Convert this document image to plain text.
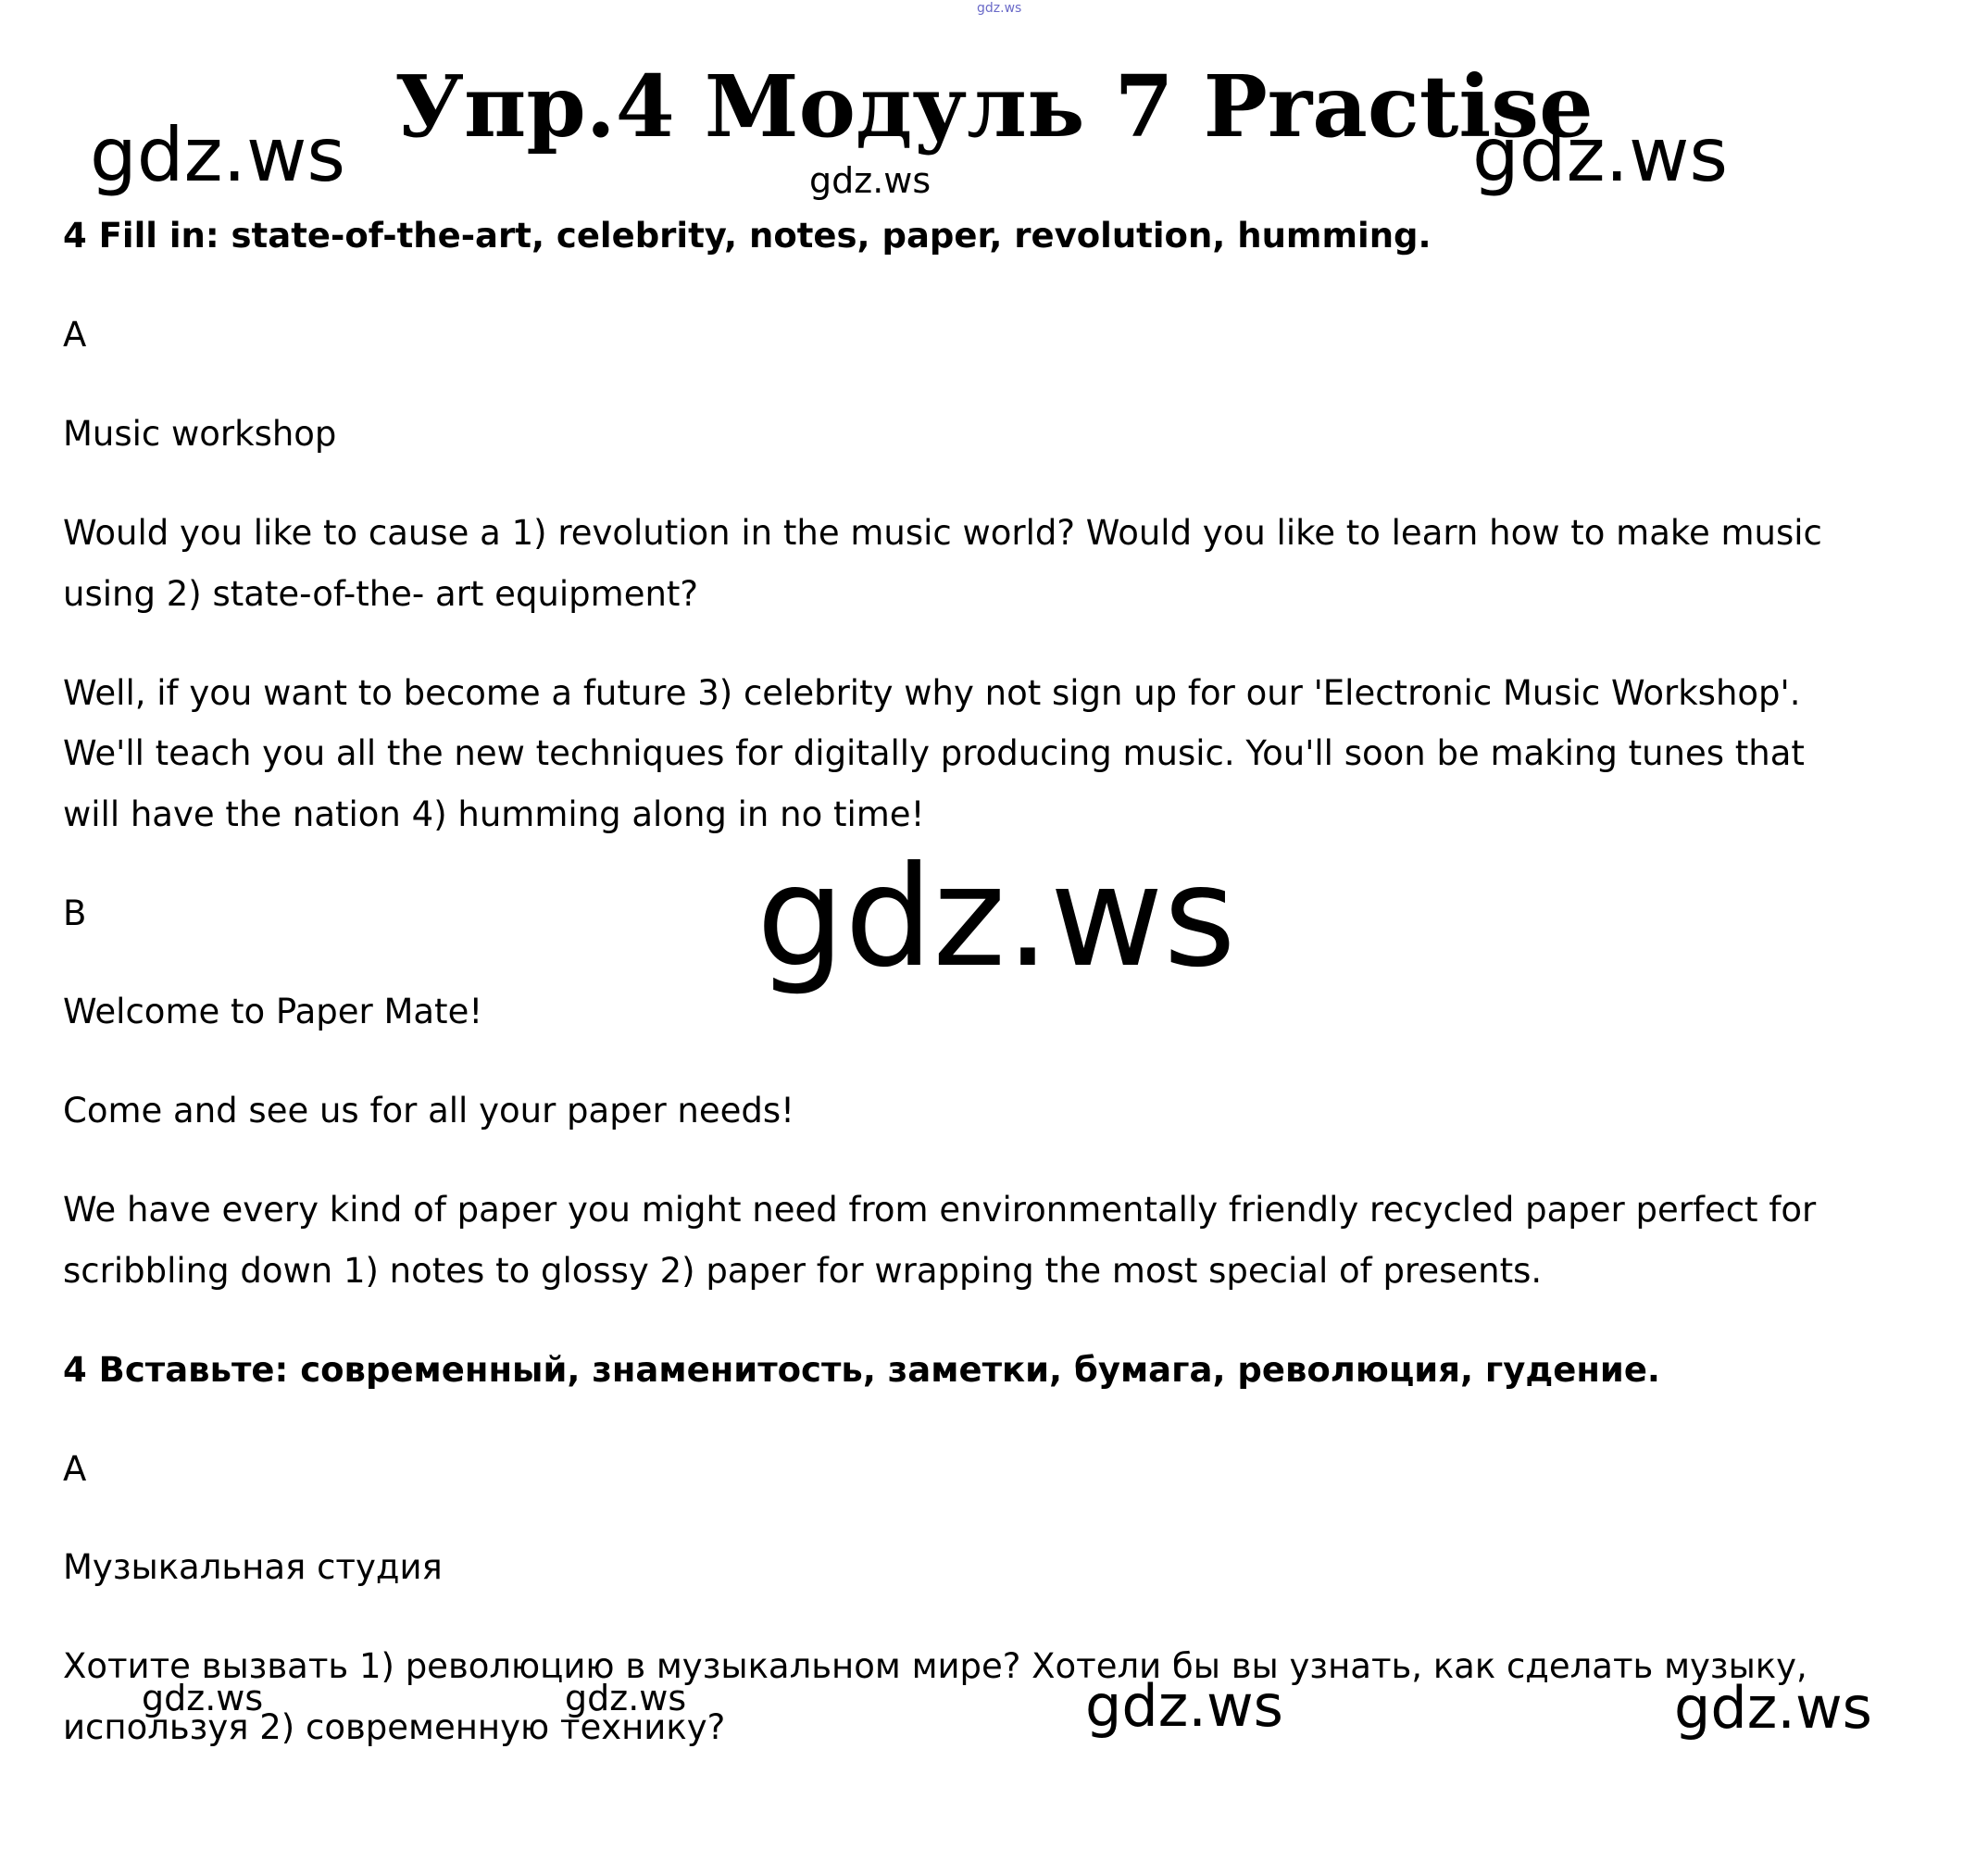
Упр.4 Модуль 7 Practise
gdz.ws
gdz.ws	gdz.ws	gdz.ws
gdz.ws
4 Fill in: state-of-the-art, celebrity, notes, paper, revolution, humming.
A
Music workshop
Would you like to cause a 1) revolution in the music world? Would you like to learn how to make music
using 2) state-of-the- art equipment?
Well, if you want to become a future 3) celebrity why not sign up for our 'Electronic Music Workshop'.
We'll teach you all the new techniques for digitally producing music. You'll soon be making tunes that
will have the nation 4) humming along in no time!
B
Welcome to Paper Mate!
Come and see us for all your paper needs!
We have every kind of paper you might need from environmentally friendly recycled paper perfect for
scribbling down 1) notes to glossy 2) paper for wrapping the most special of presents.
4 Вставьте: современный, знаменитость, заметки, бумага, революция, гудение.
А
Музыкальная студия
Хотите вызвать 1) революцию в музыкальном мире? Хотели бы вы узнать, как сделать музыку,
используя 2) современную технику?
gdz.ws	gdz.ws	gdz.ws	gdz.ws
